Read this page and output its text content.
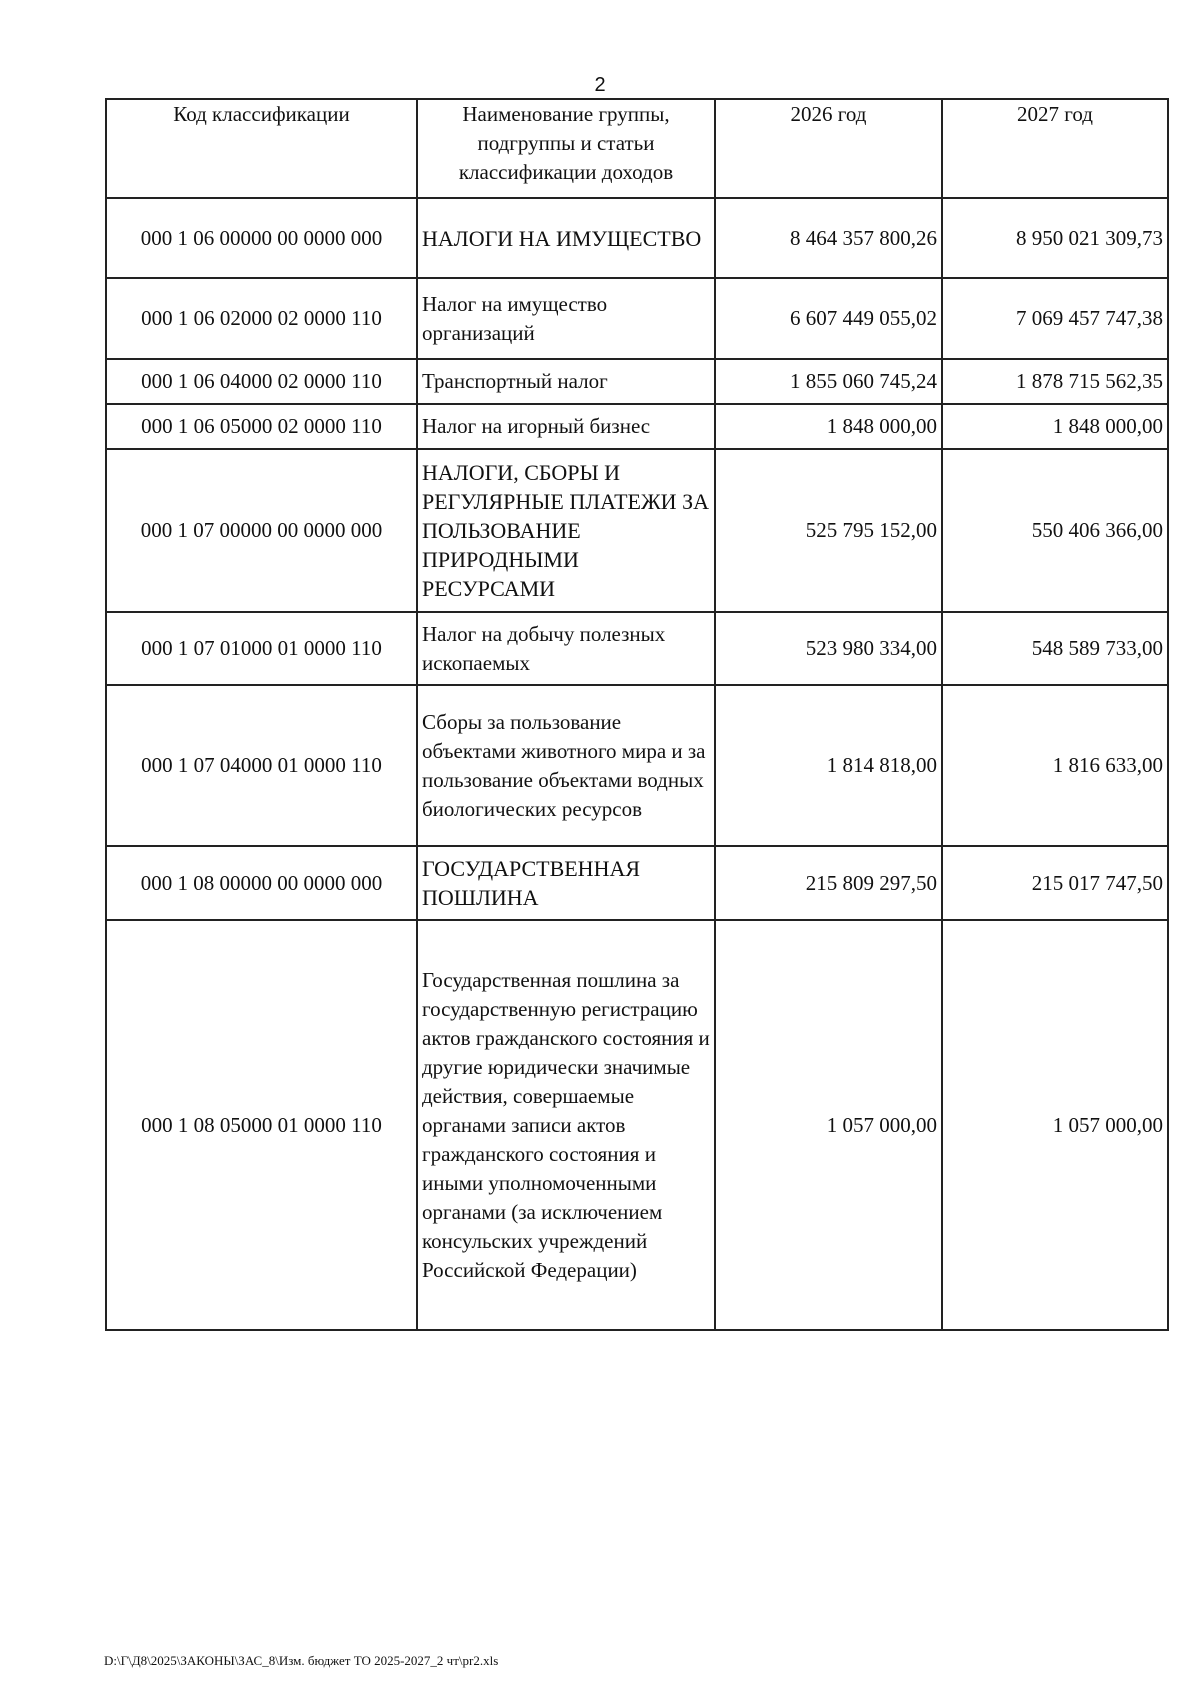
2
Код классификации	Наименование группы, подгруппы и статьи классификации доходов	2026 год	2027 год
000 1 06 00000 00 0000 000	НАЛОГИ НА ИМУЩЕСТВО	8 464 357 800,26	8 950 021 309,73
000 1 06 02000 02 0000 110	Налог на имущество организаций	6 607 449 055,02	7 069 457 747,38
000 1 06 04000 02 0000 110	Транспортный налог	1 855 060 745,24	1 878 715 562,35
000 1 06 05000 02 0000 110	Налог на игорный бизнес	1 848 000,00	1 848 000,00
000 1 07 00000 00 0000 000	НАЛОГИ, СБОРЫ И РЕГУЛЯРНЫЕ ПЛАТЕЖИ ЗА ПОЛЬЗОВАНИЕ ПРИРОДНЫМИ РЕСУРСАМИ	525 795 152,00	550 406 366,00
000 1 07 01000 01 0000 110	Налог на добычу полезных ископаемых	523 980 334,00	548 589 733,00
000 1 07 04000 01 0000 110	Сборы за пользование объектами животного мира и за пользование объектами водных биологических ресурсов	1 814 818,00	1 816 633,00
000 1 08 00000 00 0000 000	ГОСУДАРСТВЕННАЯ ПОШЛИНА	215 809 297,50	215 017 747,50
000 1 08 05000 01 0000 110	Государственная пошлина за государственную регистрацию актов гражданского состояния и другие юридически значимые действия, совершаемые органами записи актов гражданского состояния и иными уполномоченными органами (за исключением консульских учреждений Российской Федерации)	1 057 000,00	1 057 000,00
D:\Г\Д8\2025\ЗАКОНЫ\ЗАС_8\Изм. бюджет ТО 2025-2027_2 чт\pr2.xls
